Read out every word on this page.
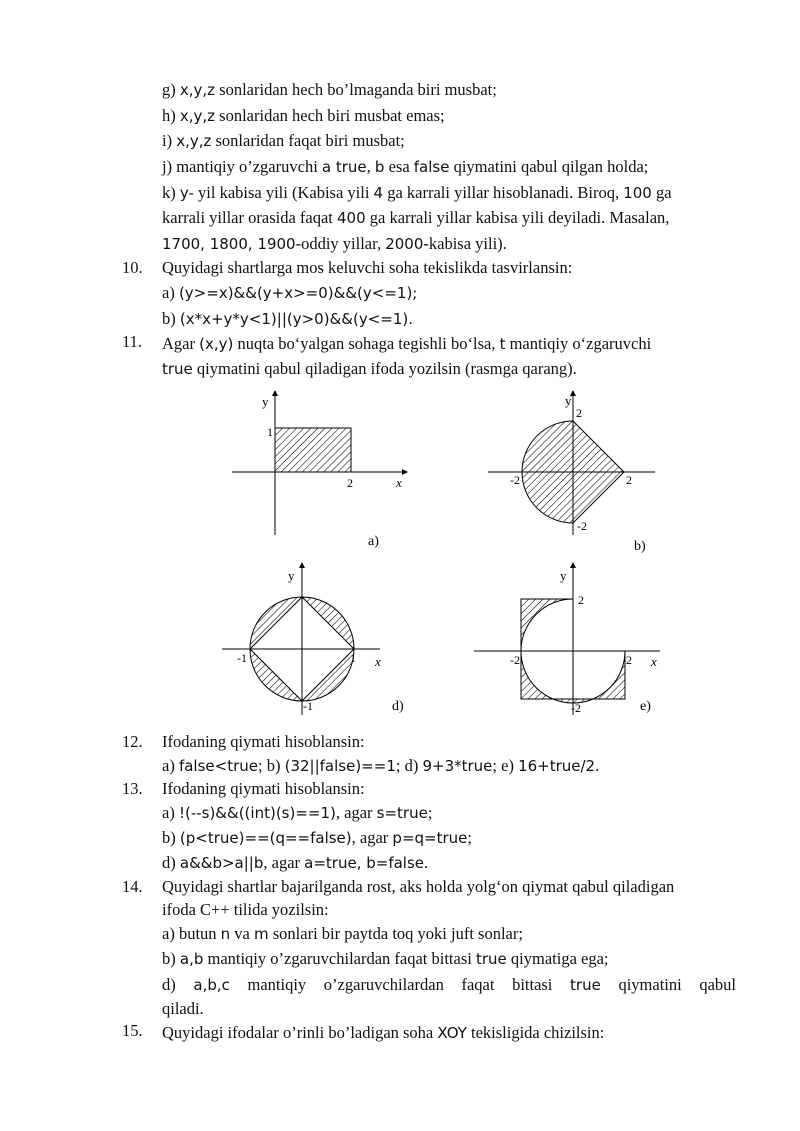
g) x,y,z sonlaridan hech bo’lmaganda biri musbat;
h) x,y,z sonlaridan hech biri musbat emas;
i) x,y,z sonlaridan faqat biri musbat;
j) mantiqiy o’zgaruvchi a true, b esa false qiymatini qabul qilgan holda;
k) y- yil kabisa yili (Kabisa yili 4 ga karrali yillar hisoblanadi. Biroq, 100 ga
karrali yillar orasida faqat 400 ga karrali yillar kabisa yili deyiladi. Masalan,
1700, 1800, 1900-oddiy yillar, 2000-kabisa yili).
10. Quyidagi shartlarga mos keluvchi soha tekislikda tasvirlansin:
a) (y>=x)&&(y+x>=0)&&(y<=1);
b) (x*x+y*y<1)||(y>0)&&(y<=1).
11. Agar (x,y) nuqta bo‘yalgan sohaga tegishli bo‘lsa, t mantiqiy o‘zgaruvchi
true qiymatini qabul qiladigan ifoda yozilsin (rasmga qarang).
y
1
2	x
a)
y
2
-2	2
-2
b)
y
-1	1 x
-1	d)
y
2
-2	2 x
-2	e)
12. Ifodaning qiymati hisoblansin:
a) false<true; b) (32||false)==1; d) 9+3*true; e) 16+true/2.
13. Ifodaning qiymati hisoblansin:
a) !(--s)&&((int)(s)==1), agar s=true;
b) (p<true)==(q==false), agar p=q=true;
d) a&&b>a||b, agar a=true, b=false.
14. Quyidagi shartlar bajarilganda rost, aks holda yolg‘on qiymat qabul qiladigan
ifoda C++ tilida yozilsin:
a) butun n va m sonlari bir paytda toq yoki juft sonlar;
b) a,b mantiqiy o’zgaruvchilardan faqat bittasi true qiymatiga ega;
d) a,b,c mantiqiy o’zgaruvchilardan faqat bittasi true qiymatini qabul
qiladi.
15. Quyidagi ifodalar o’rinli bo’ladigan soha XOY tekisligida chizilsin:
